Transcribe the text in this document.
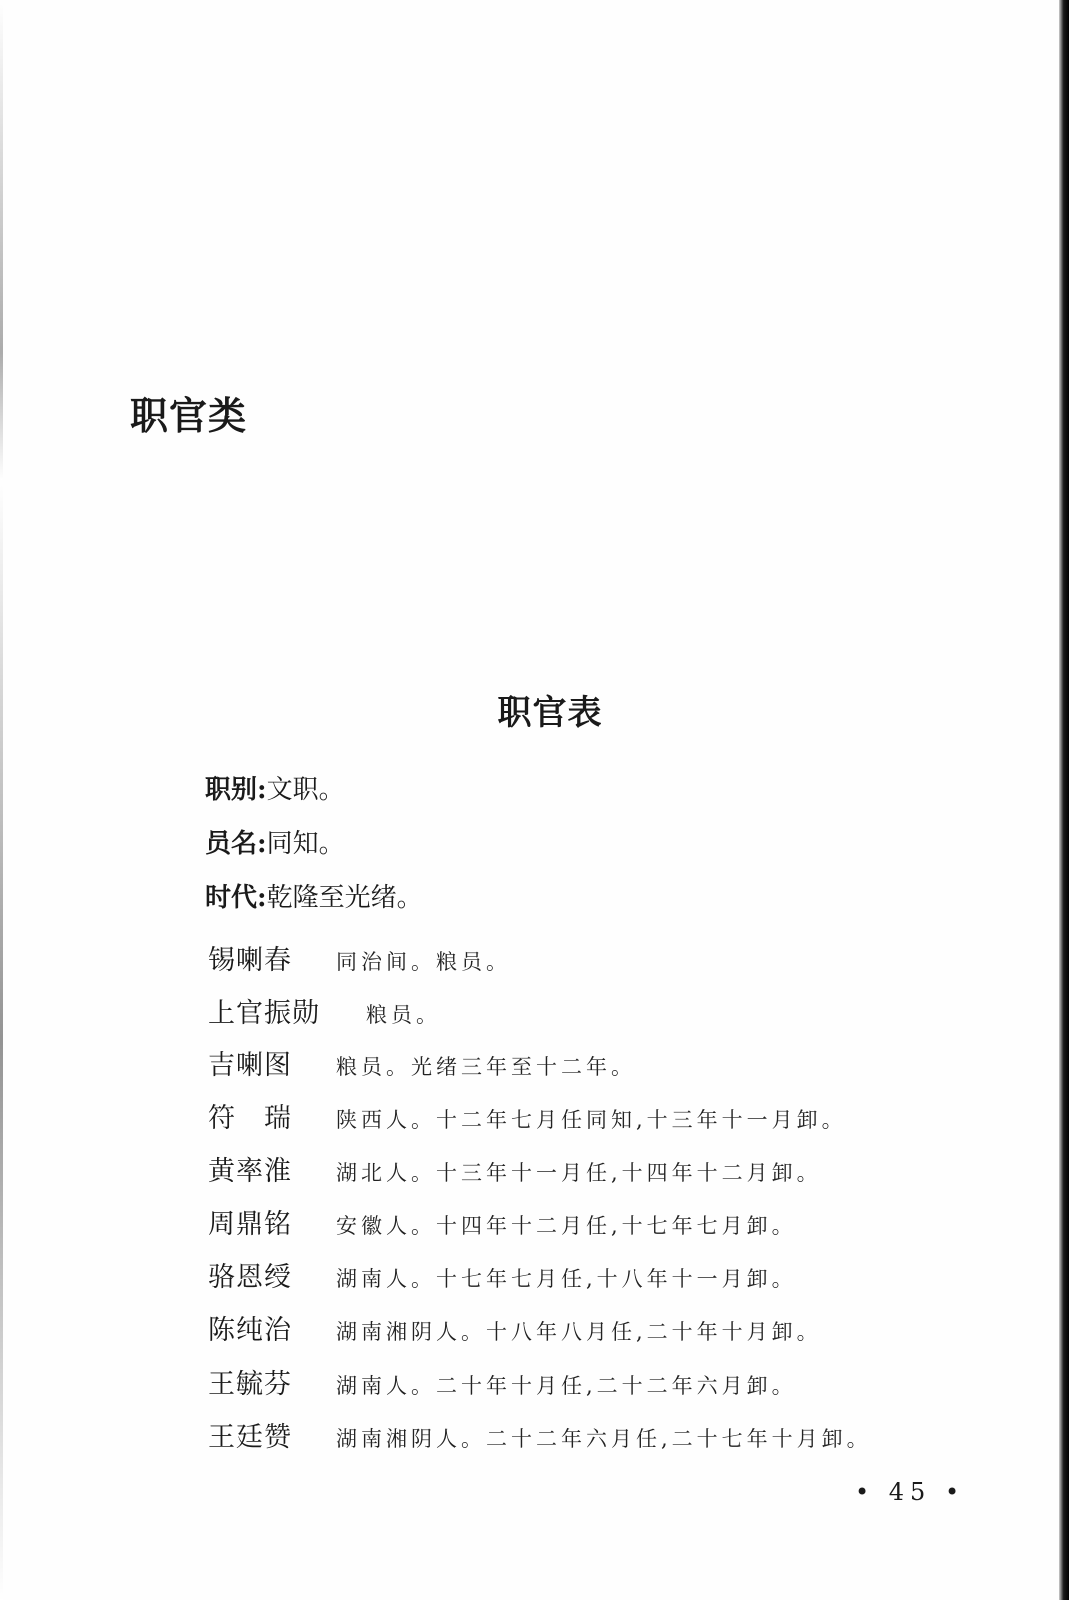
职官类
职官表
职别:文职。
员名:同知。
时代:乾隆至光绪。
锡喇春	同治间。粮员。
上官振勋	粮员。
吉喇图	粮员。光绪三年至十二年。
符　瑞	陕西人。十二年七月任同知,十三年十一月卸。
黄率淮	湖北人。十三年十一月任,十四年十二月卸。
周鼎铭	安徽人。十四年十二月任,十七年七月卸。
骆恩绶	湖南人。十七年七月任,十八年十一月卸。
陈纯治	湖南湘阴人。十八年八月任,二十年十月卸。
王毓芬	湖南人。二十年十月任,二十二年六月卸。
王廷赞	湖南湘阴人。二十二年六月任,二十七年十月卸。
• 45 •
